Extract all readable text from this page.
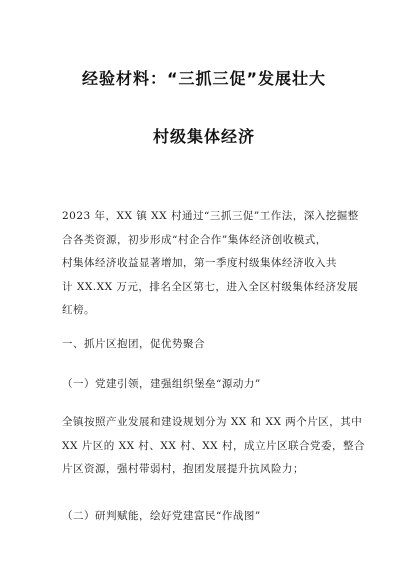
经验材料：“三抓三促”发展壮大
村级集体经济

2023 年，XX 镇 XX 村通过“三抓三促”工作法，深入挖掘整
合各类资源，初步形成“村企合作”集体经济创收模式，
村集体经济收益显著增加，第一季度村级集体经济收入共
计 XX.XX 万元，排名全区第七，进入全区村级集体经济发展
红榜。

一、抓片区抱团，促优势聚合

（一）党建引领，建强组织堡垒“源动力”

全镇按照产业发展和建设规划分为 XX 和 XX 两个片区，其中
XX 片区的 XX 村、XX 村、XX 村，成立片区联合党委，整合
片区资源，强村带弱村，抱团发展提升抗风险力；

（二）研判赋能，绘好党建富民“作战图”
